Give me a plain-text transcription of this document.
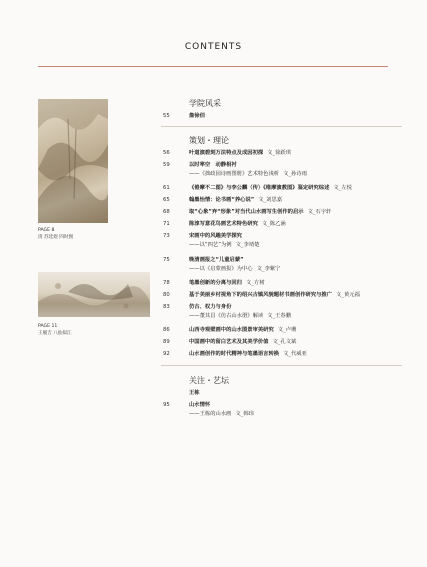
CONTENTS
PAGE 8
清 苏廷煜 四时图
PAGE 11
王履吉 八仙拟江
学院风采
55	詹徐佰
策划・理论
56	叶道演碧刻万法特点及成因初探 文_徐跃琪
59	以时率空　动静相衬
——《拙政园诗画图册》艺术特色浅析 文_孙诗雨
61	《倦摩不二图》与李公麟（传）《维摩演教图》鉴定研究综述 文_左悦
65	翰墨怡情：论书画“养心说” 文_刘思嘉
68	取“心象”弃“形象”对当代山水画写生创作的启示 文_石宇轩
71	陈淳写意花鸟画艺术特色研究 文_陈乙涵
73	宋画中的风趣美学探究
——以“四艺”为例 文_李靖楚
75	晚清画报之“儿童启蒙”
——以《启蒙画报》为中心 文_李紫宁
78	笔墨创新的分离与回归 文_方树
80	基于美丽乡村视角下的绍兴古镇风貌题材书画创作研究与推广 文_黄元福
83	仿古、权力与身份
——董其昌《仿古山水册》解读 文_王春鹏
86	山西寺观壁画中的山水图景审美研究 文_卢珊
89	中国画中的留白艺术及其美学价值 文_孔文斌
92	山水画创作的时代精神与笔墨语言转换 文_代威亚
关注・艺坛
王栋
95	山水情怀
——王栋的山水画 文_韩玮
